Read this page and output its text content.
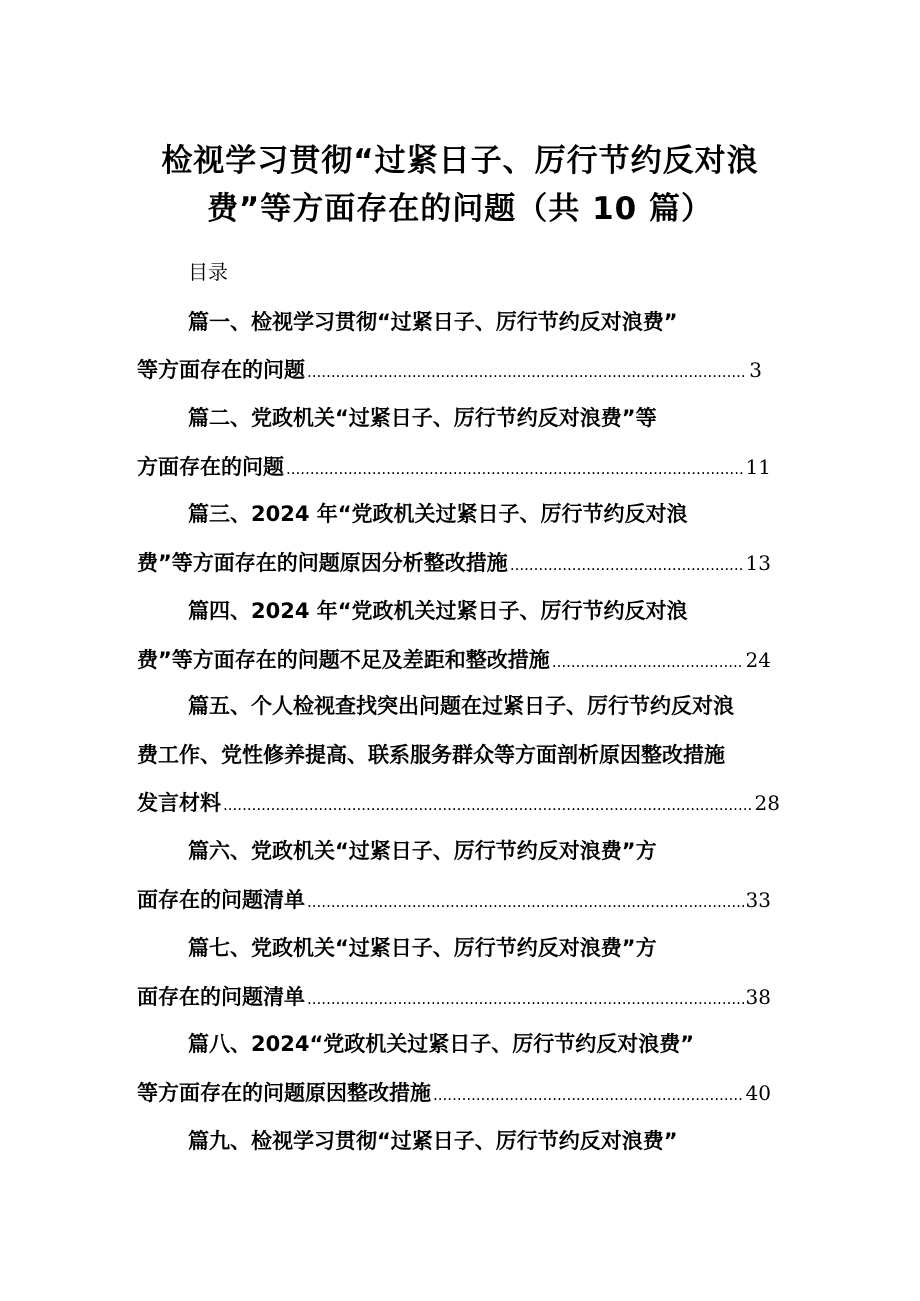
检视学习贯彻“过紧日子、厉行节约反对浪
费”等方面存在的问题（共 10 篇）
目录
篇一、检视学习贯彻“过紧日子、厉行节约反对浪费”
等方面存在的问题 .....	3
篇二、党政机关“过紧日子、厉行节约反对浪费”等
方面存在的问题 .....	11
篇三、2024 年“党政机关过紧日子、厉行节约反对浪
费”等方面存在的问题原因分析整改措施 .....	13
篇四、2024 年“党政机关过紧日子、厉行节约反对浪
费”等方面存在的问题不足及差距和整改措施 .....	24
篇五、个人检视查找突出问题在过紧日子、厉行节约反对浪
费工作、党性修养提高、联系服务群众等方面剖析原因整改措施
发言材料 .....	28
篇六、党政机关“过紧日子、厉行节约反对浪费”方
面存在的问题清单 .....	33
篇七、党政机关“过紧日子、厉行节约反对浪费”方
面存在的问题清单 .....	38
篇八、2024“党政机关过紧日子、厉行节约反对浪费”
等方面存在的问题原因整改措施 .....	40
篇九、检视学习贯彻“过紧日子、厉行节约反对浪费”
